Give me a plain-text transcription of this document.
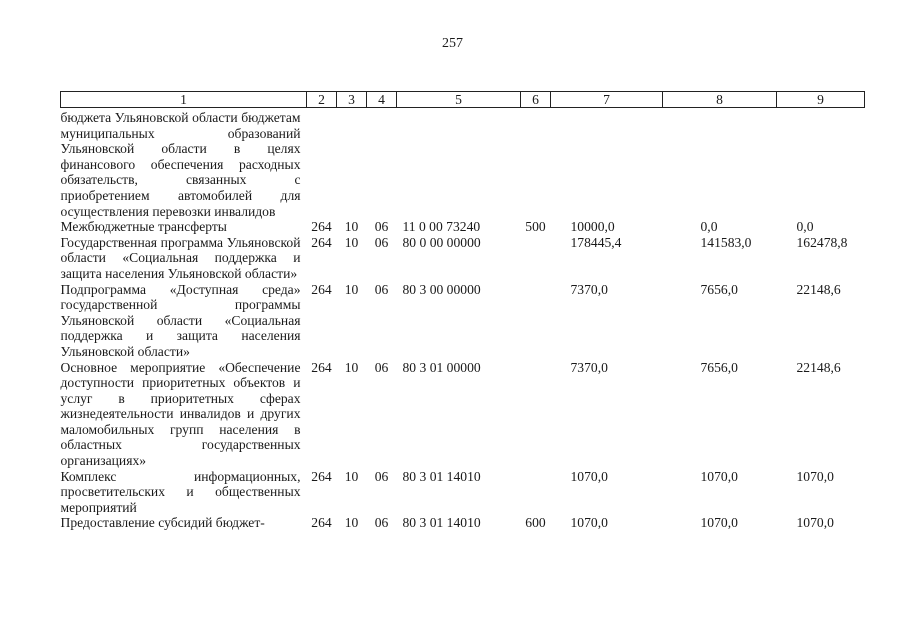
257
1	2	3	4	5	6	7	8	9
бюджета Ульяновской области бюджетам муниципальных образований Ульяновской области в целях финансового обеспечения расходных обязательств, связанных с приобретением автомобилей для осуществления перевозки инвалидов								
Межбюджетные трансферты	264	10	06	11 0 00 73240	500	10000,0	0,0	0,0
Государственная программа Ульяновской области «Социальная поддержка и защита населения Ульяновской области»	264	10	06	80 0 00 00000		178445,4	141583,0	162478,8
Подпрограмма «Доступная среда» государственной программы Ульяновской области «Социальная поддержка и защита населения Ульяновской области»	264	10	06	80 3 00 00000		7370,0	7656,0	22148,6
Основное мероприятие «Обеспечение доступности приоритетных объектов и услуг в приоритетных сферах жизнедеятельности инвалидов и других маломобильных групп населения в областных государственных организациях»	264	10	06	80 3 01 00000		7370,0	7656,0	22148,6
Комплекс информационных, просветительских и общественных мероприятий	264	10	06	80 3 01 14010		1070,0	1070,0	1070,0
Предоставление субсидий бюджет-	264	10	06	80 3 01 14010	600	1070,0	1070,0	1070,0
